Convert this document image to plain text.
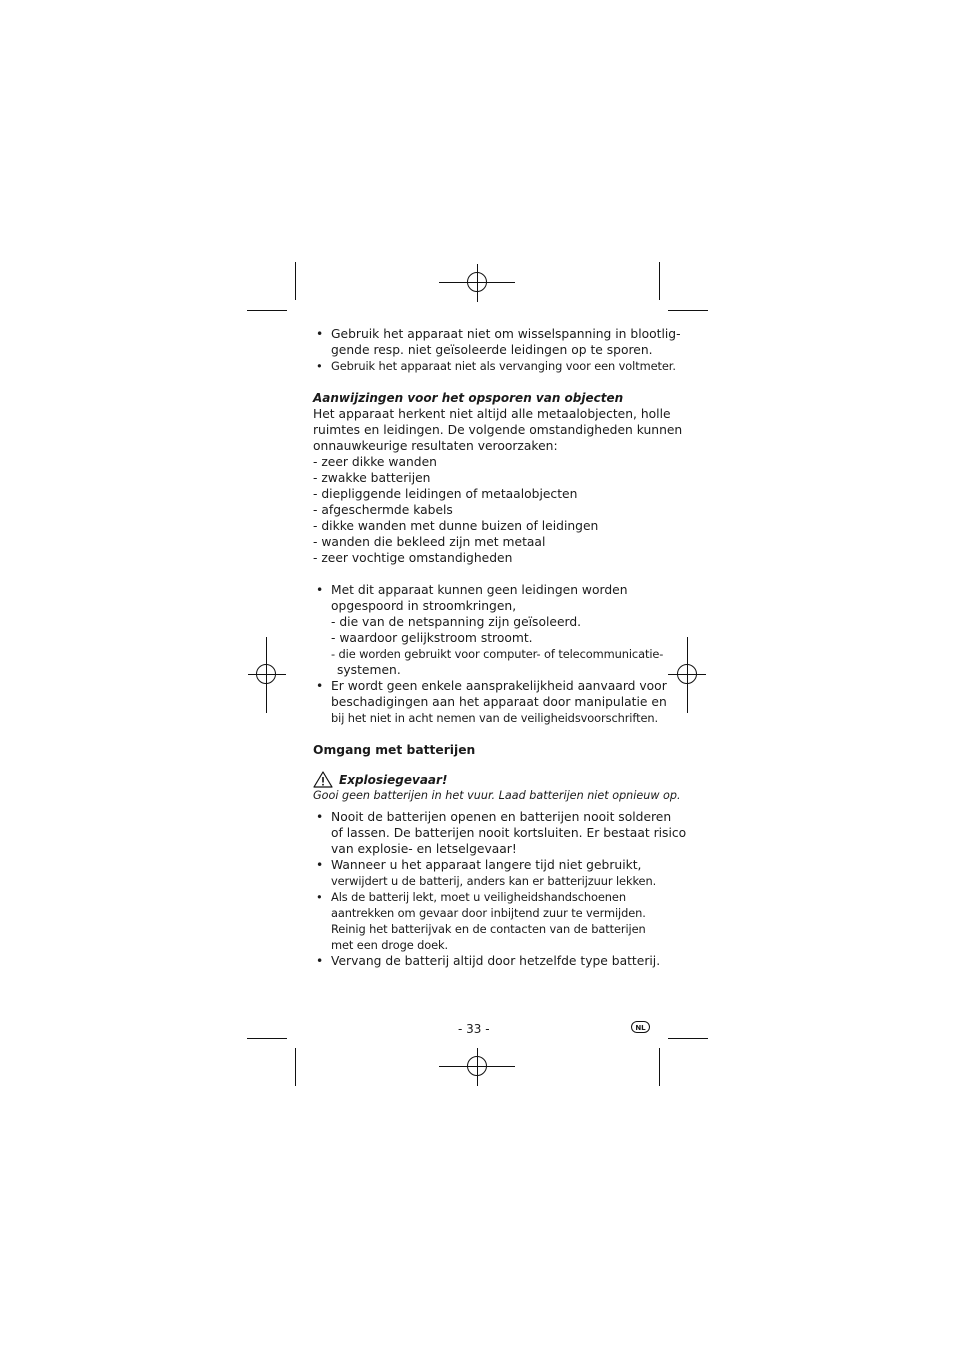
• Gebruik het apparaat niet om wisselspanning in blootlig-
gende resp. niet geïsoleerde leidingen op te sporen.
• Gebruik het apparaat niet als vervanging voor een voltmeter.
Aanwijzingen voor het opsporen van objecten
Het apparaat herkent niet altijd alle metaalobjecten, holle
ruimtes en leidingen. De volgende omstandigheden kunnen
onnauwkeurige resultaten veroorzaken:
- zeer dikke wanden
- zwakke batterijen
- diepliggende leidingen of metaalobjecten
- afgeschermde kabels
- dikke wanden met dunne buizen of leidingen
- wanden die bekleed zijn met metaal
- zeer vochtige omstandigheden
• Met dit apparaat kunnen geen leidingen worden
opgespoord in stroomkringen,
- die van de netspanning zijn geïsoleerd.
- waardoor gelijkstroom stroomt.
- die worden gebruikt voor computer- of telecommunicatie-
systemen.
• Er wordt geen enkele aansprakelijkheid aanvaard voor
beschadigingen aan het apparaat door manipulatie en
bij het niet in acht nemen van de veiligheidsvoorschriften.
Omgang met batterijen
Explosiegevaar!
Gooi geen batterijen in het vuur. Laad batterijen niet opnieuw op.
• Nooit de batterijen openen en batterijen nooit solderen
of lassen. De batterijen nooit kortsluiten. Er bestaat risico
van explosie- en letselgevaar!
• Wanneer u het apparaat langere tijd niet gebruikt,
verwijdert u de batterij, anders kan er batterijzuur lekken.
• Als de batterij lekt, moet u veiligheidshandschoenen
aantrekken om gevaar door inbijtend zuur te vermijden.
Reinig het batterijvak en de contacten van de batterijen
met een droge doek.
• Vervang de batterij altijd door hetzelfde type batterij.
- 33 -	NL
